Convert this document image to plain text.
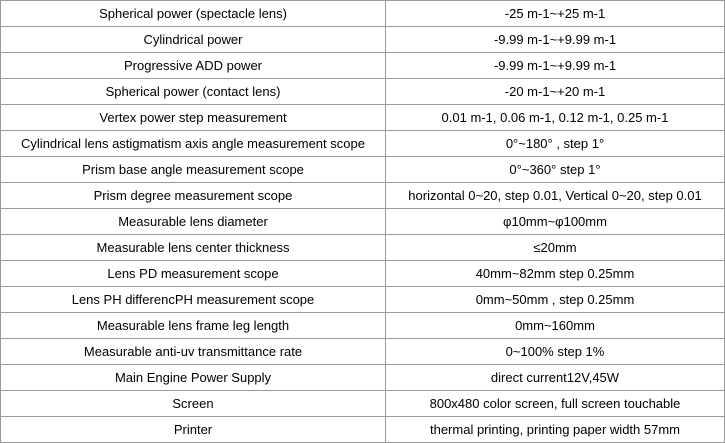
Spherical power (spectacle lens)	-25 m-1~+25 m-1
Cylindrical power	-9.99 m-1~+9.99 m-1
Progressive ADD power	-9.99 m-1~+9.99 m-1
Spherical power (contact lens)	-20 m-1~+20 m-1
Vertex power step measurement	0.01 m-1, 0.06 m-1, 0.12 m-1, 0.25 m-1
Cylindrical lens astigmatism axis angle measurement scope	0°~180° , step 1°
Prism base angle measurement scope	0°~360° step 1°
Prism degree measurement scope	horizontal 0~20, step 0.01, Vertical 0~20, step 0.01
Measurable lens diameter	φ10mm~φ100mm
Measurable lens center thickness	≤20mm
Lens PD measurement scope	40mm~82mm step 0.25mm
Lens PH differencPH measurement scope	0mm~50mm , step 0.25mm
Measurable lens frame leg length	0mm~160mm
Measurable anti-uv transmittance rate	0~100% step 1%
Main Engine Power Supply	direct current12V,45W
Screen	800x480 color screen, full screen touchable
Printer	thermal printing, printing paper width 57mm
